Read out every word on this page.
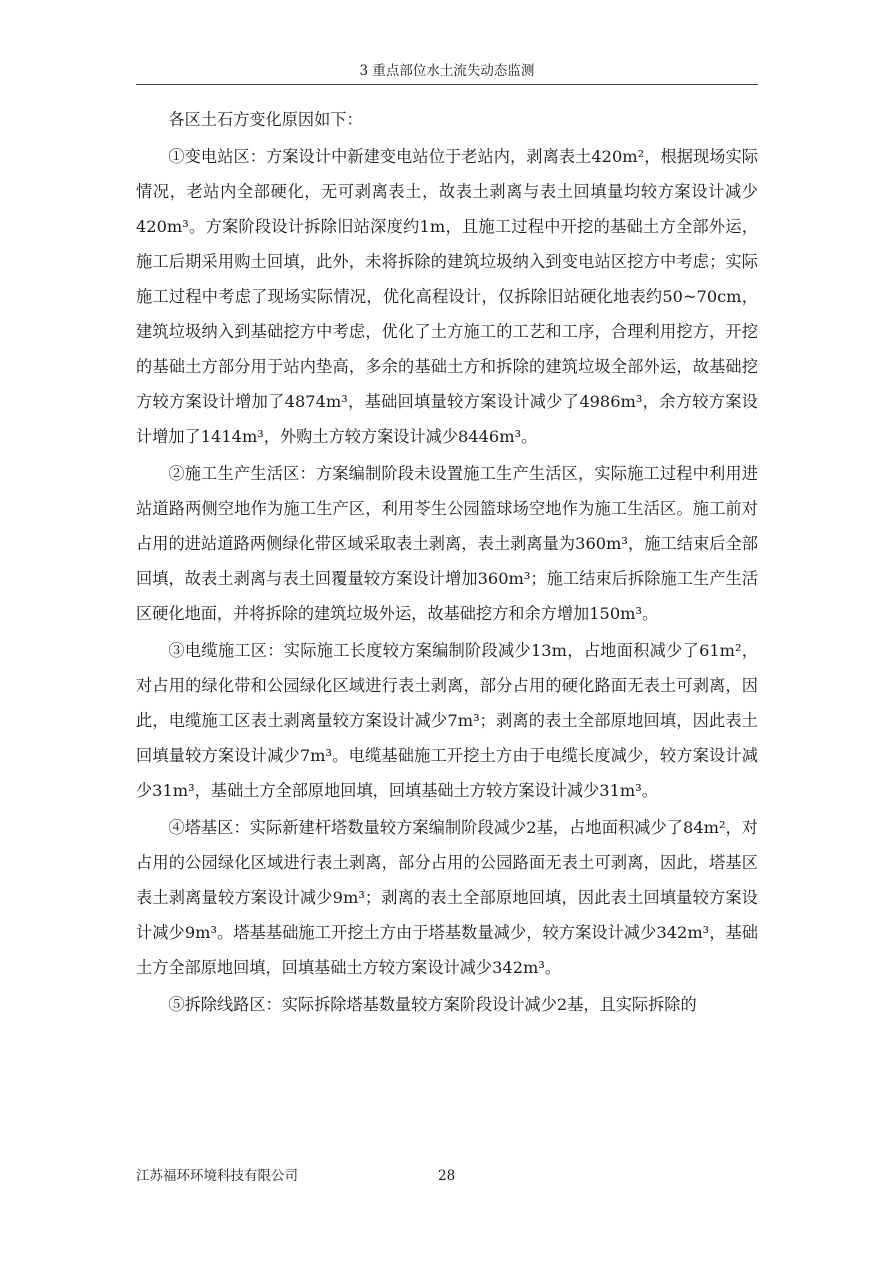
3 重点部位水土流失动态监测

各区土石方变化原因如下：

①变电站区：方案设计中新建变电站位于老站内，剥离表土420m²，根据现场实际情况，老站内全部硬化，无可剥离表土，故表土剥离与表土回填量均较方案设计减少420m³。方案阶段设计拆除旧站深度约1m，且施工过程中开挖的基础土方全部外运，施工后期采用购土回填，此外，未将拆除的建筑垃圾纳入到变电站区挖方中考虑；实际施工过程中考虑了现场实际情况，优化高程设计，仅拆除旧站硬化地表约50~70cm，建筑垃圾纳入到基础挖方中考虑，优化了土方施工的工艺和工序，合理利用挖方，开挖的基础土方部分用于站内垫高，多余的基础土方和拆除的建筑垃圾全部外运，故基础挖方较方案设计增加了4874m³，基础回填量较方案设计减少了4986m³，余方较方案设计增加了1414m³，外购土方较方案设计减少8446m³。

②施工生产生活区：方案编制阶段未设置施工生产生活区，实际施工过程中利用进站道路两侧空地作为施工生产区，利用苓生公园篮球场空地作为施工生活区。施工前对占用的进站道路两侧绿化带区域采取表土剥离，表土剥离量为360m³，施工结束后全部回填，故表土剥离与表土回覆量较方案设计增加360m³；施工结束后拆除施工生产生活区硬化地面，并将拆除的建筑垃圾外运，故基础挖方和余方增加150m³。

③电缆施工区：实际施工长度较方案编制阶段减少13m，占地面积减少了61m²，对占用的绿化带和公园绿化区域进行表土剥离，部分占用的硬化路面无表土可剥离，因此，电缆施工区表土剥离量较方案设计减少7m³；剥离的表土全部原地回填，因此表土回填量较方案设计减少7m³。电缆基础施工开挖土方由于电缆长度减少，较方案设计减少31m³，基础土方全部原地回填，回填基础土方较方案设计减少31m³。

④塔基区：实际新建杆塔数量较方案编制阶段减少2基，占地面积减少了84m²，对占用的公园绿化区域进行表土剥离，部分占用的公园路面无表土可剥离，因此，塔基区表土剥离量较方案设计减少9m³；剥离的表土全部原地回填，因此表土回填量较方案设计减少9m³。塔基基础施工开挖土方由于塔基数量减少，较方案设计减少342m³，基础土方全部原地回填，回填基础土方较方案设计减少342m³。

⑤拆除线路区：实际拆除塔基数量较方案阶段设计减少2基，且实际拆除的

江苏福环环境科技有限公司	28
